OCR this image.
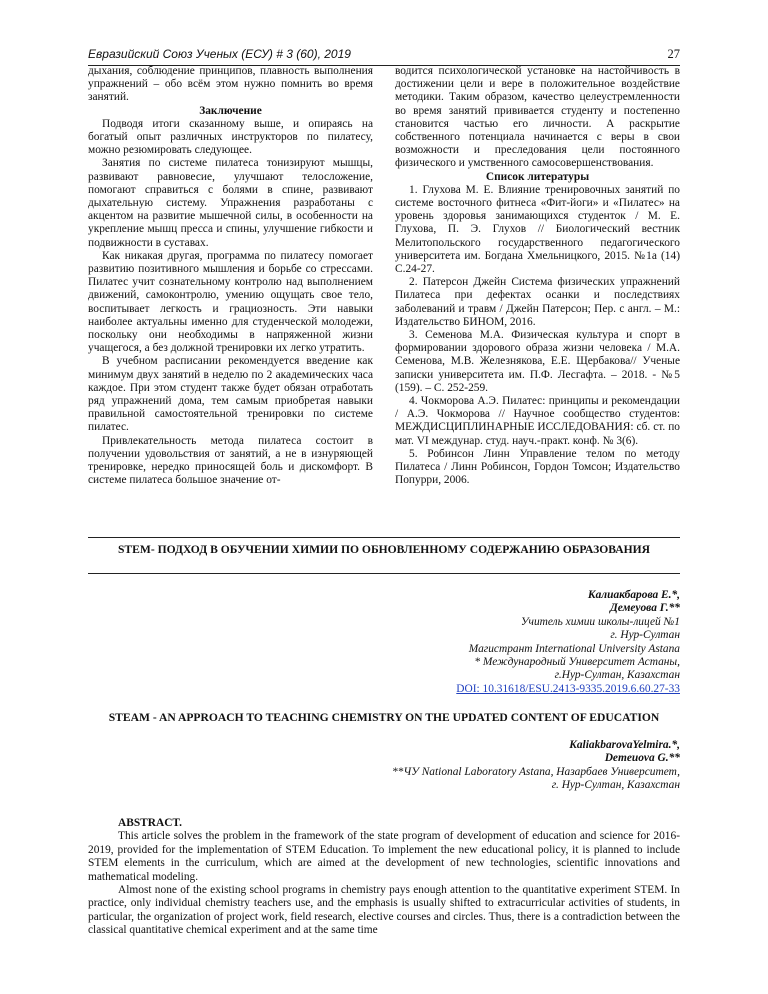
Евразийский Союз Ученых (ЕСУ) # 3 (60), 2019	27

дыхания, соблюдение принципов, плавность выполнения упражнений – обо всём этом нужно помнить во время занятий.

Заключение

Подводя итоги сказанному выше, и опираясь на богатый опыт различных инструкторов по пилатесу, можно резюмировать следующее.

Занятия по системе пилатеса тонизируют мышцы, развивают равновесие, улучшают телосложение, помогают справиться с болями в спине, развивают дыхательную систему. Упражнения разработаны с акцентом на развитие мышечной силы, в особенности на укрепление мышц пресса и спины, улучшение гибкости и подвижности в суставах.

Как никакая другая, программа по пилатесу помогает развитию позитивного мышления и борьбе со стрессами. Пилатес учит сознательному контролю над выполнением движений, самоконтролю, умению ощущать свое тело, воспитывает легкость и грациозность. Эти навыки наиболее актуальны именно для студенческой молодежи, поскольку они необходимы в напряженной жизни учащегося, а без должной тренировки их легко утратить.

В учебном расписании рекомендуется введение как минимум двух занятий в неделю по 2 академических часа каждое. При этом студент также будет обязан отработать ряд упражнений дома, тем самым приобретая навыки правильной самостоятельной тренировки по системе пилатес.

Привлекательность метода пилатеса состоит в получении удовольствия от занятий, а не в изнуряющей тренировке, нередко приносящей боль и дискомфорт. В системе пилатеса большое значение от-

водится психологической установке на настойчивость в достижении цели и вере в положительное воздействие методики. Таким образом, качество целеустремленности во время занятий прививается студенту и постепенно становится частью его личности. А раскрытие собственного потенциала начинается с веры в свои возможности и преследования цели постоянного физического и умственного самосовершенствования.

Список литературы

1. Глухова М. Е. Влияние тренировочных занятий по системе восточного фитнеса «Фит-йоги» и «Пилатес» на уровень здоровья занимающихся студенток / М. Е. Глухова, П. Э. Глухов // Биологический вестник Мелитопольского государственного педагогического университета им. Богдана Хмельницкого, 2015. №1а (14) С.24-27.

2. Патерсон Джейн Система физических упражнений Пилатеса при дефектах осанки и последствиях заболеваний и травм / Джейн Патерсон; Пер. с англ. – М.: Издательство БИНОМ, 2016.

3. Семенова М.А. Физическая культура и спорт в формировании здорового образа жизни человека / М.А. Семенова, М.В. Железнякова, Е.Е. Щербакова// Ученые записки университета им. П.Ф. Лесгафта. – 2018. - №5 (159). – С. 252-259.

4. Чокморова А.Э. Пилатес: принципы и рекомендации / А.Э. Чокморова // Научное сообщество студентов: МЕЖДИСЦИПЛИНАРНЫЕ ИССЛЕДОВАНИЯ: сб. ст. по мат. VI междунар. студ. науч.-практ. конф. № 3(6).

5. Робинсон Линн Управление телом по методу Пилатеса / Линн Робинсон, Гордон Томсон; Издательство Попурри, 2006.

STEM- ПОДХОД В ОБУЧЕНИИ ХИМИИ ПО ОБНОВЛЕННОМУ СОДЕРЖАНИЮ ОБРАЗОВАНИЯ
Калиакбарова Е.*,
Демеуова Г.**
Учитель химии школы-лицей №1
г. Нур-Султан
Магистрант International University Astana
* Международный Университет Астаны,
г.Нур-Султан, Казахстан
DOI: 10.31618/ESU.2413-9335.2019.6.60.27-33
STEAM - AN APPROACH TO TEACHING CHEMISTRY ON THE UPDATED CONTENT OF EDUCATION
KaliakbarovaYelmira.*,
Demeuova G.**
**ЧУ National Laboratory Astana, Назарбаев Университет,
г. Нур-Султан, Казахстан
ABSTRACT.

This article solves the problem in the framework of the state program of development of education and science for 2016-2019, provided for the implementation of STEM Education. To implement the new educational policy, it is planned to include STEM elements in the curriculum, which are aimed at the development of new technologies, scientific innovations and mathematical modeling.

Almost none of the existing school programs in chemistry pays enough attention to the quantitative experiment STEM. In practice, only individual chemistry teachers use, and the emphasis is usually shifted to extracurricular activities of students, in particular, the organization of project work, field research, elective courses and circles. Thus, there is a contradiction between the classical quantitative chemical experiment and at the same time
